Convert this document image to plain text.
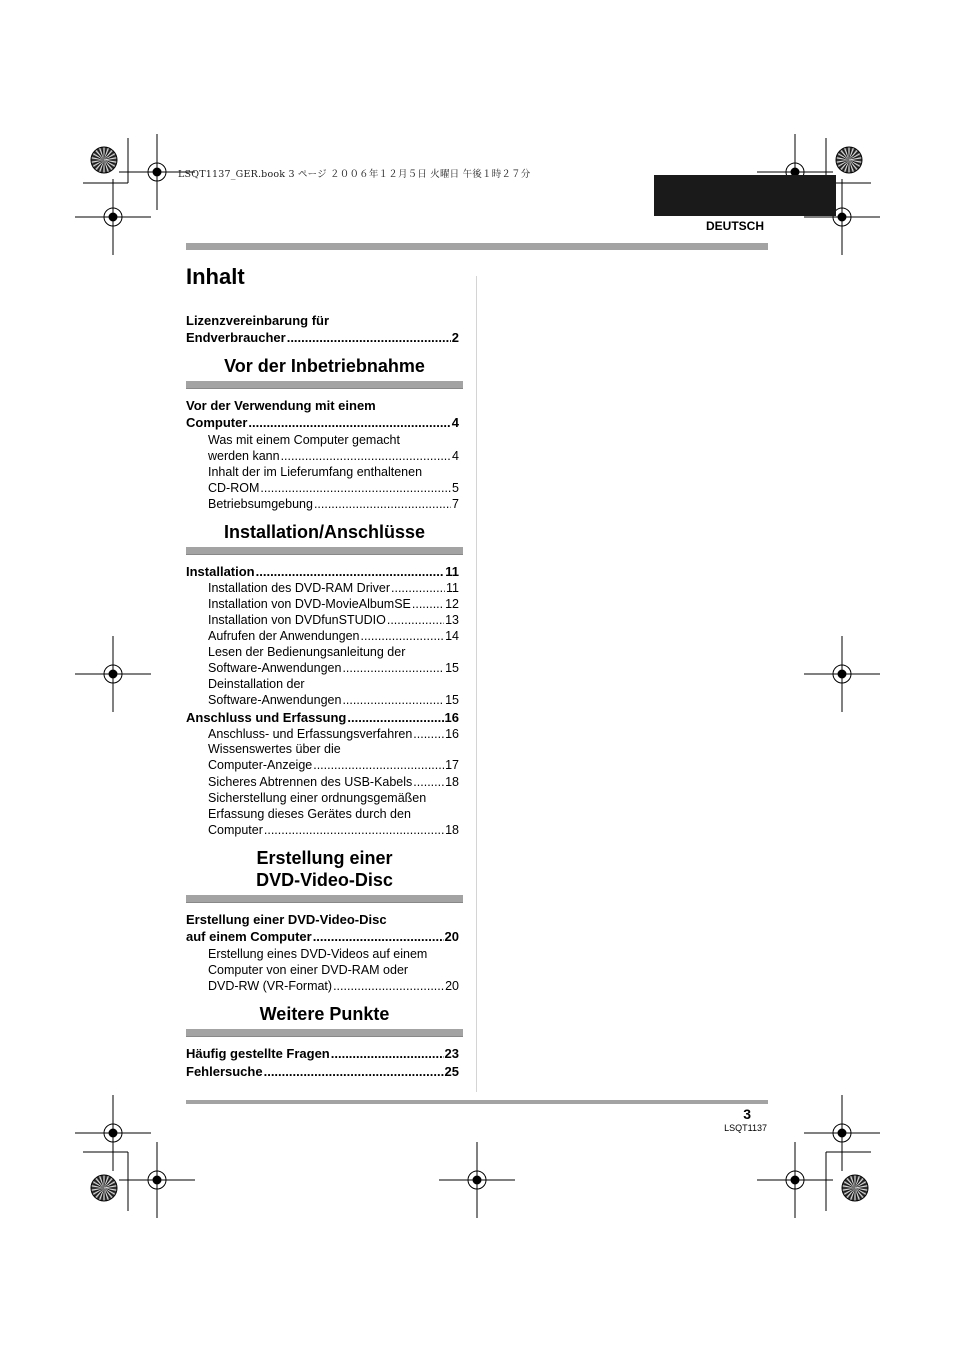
LSQT1137_GER.book 3 ページ ２００６年１２月５日 火曜日 午後１時２７分
DEUTSCH
Inhalt
Lizenzvereinbarung für
Endverbraucher .....	2
Vor der Inbetriebnahme
Vor der Verwendung mit einem
Computer .....	4
Was mit einem Computer gemacht
werden kann .....	4
Inhalt der im Lieferumfang enthaltenen
CD-ROM .....	5
Betriebsumgebung .....	7
Installation/Anschlüsse
Installation .....	11
Installation des DVD-RAM Driver .....	11
Installation von DVD-MovieAlbumSE .....	12
Installation von DVDfunSTUDIO .....	13
Aufrufen der Anwendungen .....	14
Lesen der Bedienungsanleitung der
Software-Anwendungen .....	15
Deinstallation der
Software-Anwendungen .....	15
Anschluss und Erfassung .....	16
Anschluss- und Erfassungsverfahren .....	16
Wissenswertes über die
Computer-Anzeige .....	17
Sicheres Abtrennen des USB-Kabels .....	18
Sicherstellung einer ordnungsgemäßen
Erfassung dieses Gerätes durch den
Computer .....	18
Erstellung einer
DVD-Video-Disc
Erstellung einer DVD-Video-Disc
auf einem Computer .....	20
Erstellung eines DVD-Videos auf einem
Computer von einer DVD-RAM oder
DVD-RW (VR-Format) .....	20
Weitere Punkte
Häufig gestellte Fragen .....	23
Fehlersuche .....	25
3
LSQT1137
